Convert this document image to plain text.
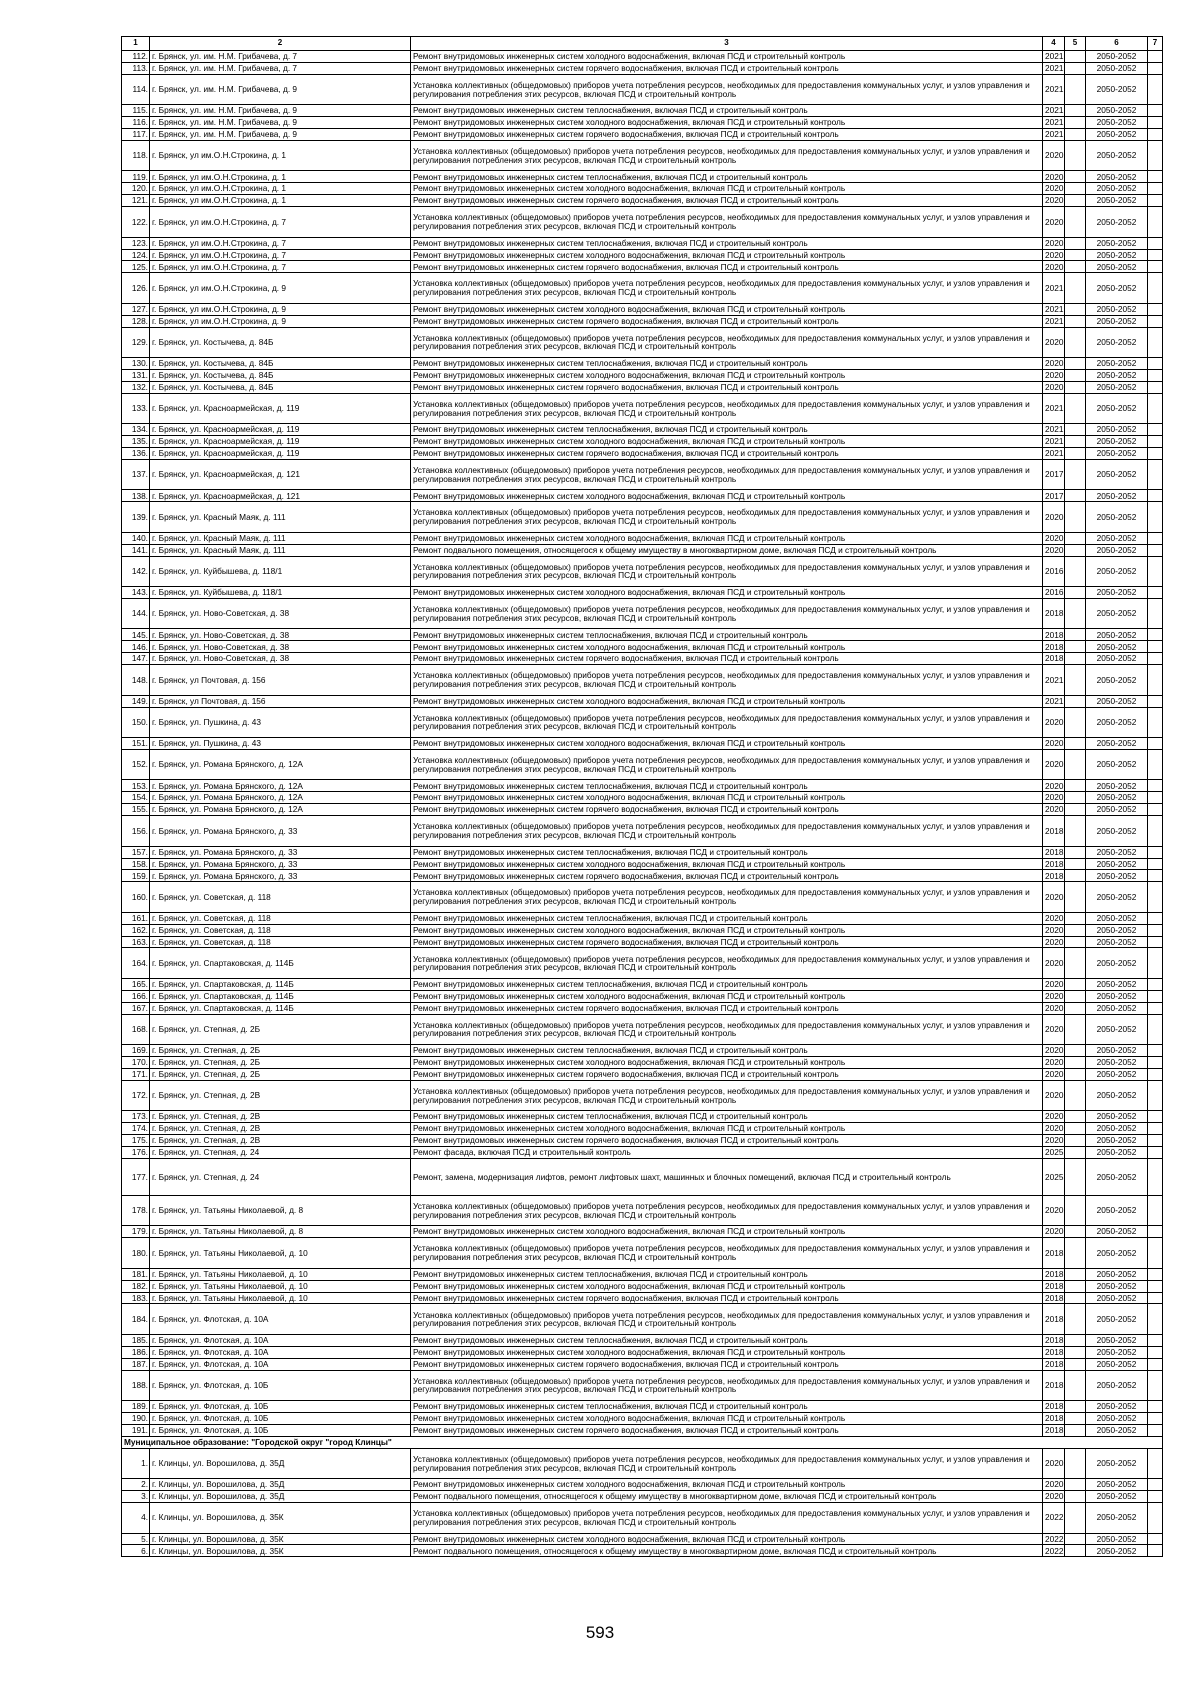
1	2	3	4	5	6	7
112.	г. Брянск, ул. им. Н.М. Грибачева, д. 7	Ремонт внутридомовых инженерных систем холодного водоснабжения, включая ПСД и строительный контроль	2021		2050-2052	
113.	г. Брянск, ул. им. Н.М. Грибачева, д. 7	Ремонт внутридомовых инженерных систем горячего водоснабжения, включая ПСД и строительный контроль	2021		2050-2052	
114.	г. Брянск, ул. им. Н.М. Грибачева, д. 9	Установка коллективных (общедомовых) приборов учета потребления ресурсов, необходимых для предоставления коммунальных услуг, и узлов управления и регулирования потребления этих ресурсов, включая ПСД и строительный контроль	2021		2050-2052	
115.	г. Брянск, ул. им. Н.М. Грибачева, д. 9	Ремонт внутридомовых инженерных систем теплоснабжения, включая ПСД и строительный контроль	2021		2050-2052	
116.	г. Брянск, ул. им. Н.М. Грибачева, д. 9	Ремонт внутридомовых инженерных систем холодного водоснабжения, включая ПСД и строительный контроль	2021		2050-2052	
117.	г. Брянск, ул. им. Н.М. Грибачева, д. 9	Ремонт внутридомовых инженерных систем горячего водоснабжения, включая ПСД и строительный контроль	2021		2050-2052	
118.	г. Брянск, ул им.О.Н.Строкина, д. 1	Установка коллективных (общедомовых) приборов учета потребления ресурсов, необходимых для предоставления коммунальных услуг, и узлов управления и регулирования потребления этих ресурсов, включая ПСД и строительный контроль	2020		2050-2052	
119.	г. Брянск, ул им.О.Н.Строкина, д. 1	Ремонт внутридомовых инженерных систем теплоснабжения, включая ПСД и строительный контроль	2020		2050-2052	
120.	г. Брянск, ул им.О.Н.Строкина, д. 1	Ремонт внутридомовых инженерных систем холодного водоснабжения, включая ПСД и строительный контроль	2020		2050-2052	
121.	г. Брянск, ул им.О.Н.Строкина, д. 1	Ремонт внутридомовых инженерных систем горячего водоснабжения, включая ПСД и строительный контроль	2020		2050-2052	
122.	г. Брянск, ул им.О.Н.Строкина, д. 7	Установка коллективных (общедомовых) приборов учета потребления ресурсов, необходимых для предоставления коммунальных услуг, и узлов управления и регулирования потребления этих ресурсов, включая ПСД и строительный контроль	2020		2050-2052	
123.	г. Брянск, ул им.О.Н.Строкина, д. 7	Ремонт внутридомовых инженерных систем теплоснабжения, включая ПСД и строительный контроль	2020		2050-2052	
124.	г. Брянск, ул им.О.Н.Строкина, д. 7	Ремонт внутридомовых инженерных систем холодного водоснабжения, включая ПСД и строительный контроль	2020		2050-2052	
125.	г. Брянск, ул им.О.Н.Строкина, д. 7	Ремонт внутридомовых инженерных систем горячего водоснабжения, включая ПСД и строительный контроль	2020		2050-2052	
126.	г. Брянск, ул им.О.Н.Строкина, д. 9	Установка коллективных (общедомовых) приборов учета потребления ресурсов, необходимых для предоставления коммунальных услуг, и узлов управления и регулирования потребления этих ресурсов, включая ПСД и строительный контроль	2021		2050-2052	
127.	г. Брянск, ул им.О.Н.Строкина, д. 9	Ремонт внутридомовых инженерных систем холодного водоснабжения, включая ПСД и строительный контроль	2021		2050-2052	
128.	г. Брянск, ул им.О.Н.Строкина, д. 9	Ремонт внутридомовых инженерных систем горячего водоснабжения, включая ПСД и строительный контроль	2021		2050-2052	
129.	г. Брянск, ул. Костычева, д. 84Б	Установка коллективных (общедомовых) приборов учета потребления ресурсов, необходимых для предоставления коммунальных услуг, и узлов управления и регулирования потребления этих ресурсов, включая ПСД и строительный контроль	2020		2050-2052	
130.	г. Брянск, ул. Костычева, д. 84Б	Ремонт внутридомовых инженерных систем теплоснабжения, включая ПСД и строительный контроль	2020		2050-2052	
131.	г. Брянск, ул. Костычева, д. 84Б	Ремонт внутридомовых инженерных систем холодного водоснабжения, включая ПСД и строительный контроль	2020		2050-2052	
132.	г. Брянск, ул. Костычева, д. 84Б	Ремонт внутридомовых инженерных систем горячего водоснабжения, включая ПСД и строительный контроль	2020		2050-2052	
133.	г. Брянск, ул. Красноармейская, д. 119	Установка коллективных (общедомовых) приборов учета потребления ресурсов, необходимых для предоставления коммунальных услуг, и узлов управления и регулирования потребления этих ресурсов, включая ПСД и строительный контроль	2021		2050-2052	
134.	г. Брянск, ул. Красноармейская, д. 119	Ремонт внутридомовых инженерных систем теплоснабжения, включая ПСД и строительный контроль	2021		2050-2052	
135.	г. Брянск, ул. Красноармейская, д. 119	Ремонт внутридомовых инженерных систем холодного водоснабжения, включая ПСД и строительный контроль	2021		2050-2052	
136.	г. Брянск, ул. Красноармейская, д. 119	Ремонт внутридомовых инженерных систем горячего водоснабжения, включая ПСД и строительный контроль	2021		2050-2052	
137.	г. Брянск, ул. Красноармейская, д. 121	Установка коллективных (общедомовых) приборов учета потребления ресурсов, необходимых для предоставления коммунальных услуг, и узлов управления и регулирования потребления этих ресурсов, включая ПСД и строительный контроль	2017		2050-2052	
138.	г. Брянск, ул. Красноармейская, д. 121	Ремонт внутридомовых инженерных систем холодного водоснабжения, включая ПСД и строительный контроль	2017		2050-2052	
139.	г. Брянск, ул. Красный Маяк, д. 111	Установка коллективных (общедомовых) приборов учета потребления ресурсов, необходимых для предоставления коммунальных услуг, и узлов управления и регулирования потребления этих ресурсов, включая ПСД и строительный контроль	2020		2050-2052	
140.	г. Брянск, ул. Красный Маяк, д. 111	Ремонт внутридомовых инженерных систем холодного водоснабжения, включая ПСД и строительный контроль	2020		2050-2052	
141.	г. Брянск, ул. Красный Маяк, д. 111	Ремонт подвального помещения, относящегося к общему имуществу в многоквартирном доме, включая ПСД и строительный контроль	2020		2050-2052	
142.	г. Брянск, ул. Куйбышева, д. 118/1	Установка коллективных (общедомовых) приборов учета потребления ресурсов, необходимых для предоставления коммунальных услуг, и узлов управления и регулирования потребления этих ресурсов, включая ПСД и строительный контроль	2016		2050-2052	
143.	г. Брянск, ул. Куйбышева, д. 118/1	Ремонт внутридомовых инженерных систем холодного водоснабжения, включая ПСД и строительный контроль	2016		2050-2052	
144.	г. Брянск, ул. Ново-Советская, д. 38	Установка коллективных (общедомовых) приборов учета потребления ресурсов, необходимых для предоставления коммунальных услуг, и узлов управления и регулирования потребления этих ресурсов, включая ПСД и строительный контроль	2018		2050-2052	
145.	г. Брянск, ул. Ново-Советская, д. 38	Ремонт внутридомовых инженерных систем теплоснабжения, включая ПСД и строительный контроль	2018		2050-2052	
146.	г. Брянск, ул. Ново-Советская, д. 38	Ремонт внутридомовых инженерных систем холодного водоснабжения, включая ПСД и строительный контроль	2018		2050-2052	
147.	г. Брянск, ул. Ново-Советская, д. 38	Ремонт внутридомовых инженерных систем горячего водоснабжения, включая ПСД и строительный контроль	2018		2050-2052	
148.	г. Брянск, ул Почтовая, д. 156	Установка коллективных (общедомовых) приборов учета потребления ресурсов, необходимых для предоставления коммунальных услуг, и узлов управления и регулирования потребления этих ресурсов, включая ПСД и строительный контроль	2021		2050-2052	
149.	г. Брянск, ул Почтовая, д. 156	Ремонт внутридомовых инженерных систем холодного водоснабжения, включая ПСД и строительный контроль	2021		2050-2052	
150.	г. Брянск, ул. Пушкина, д. 43	Установка коллективных (общедомовых) приборов учета потребления ресурсов, необходимых для предоставления коммунальных услуг, и узлов управления и регулирования потребления этих ресурсов, включая ПСД и строительный контроль	2020		2050-2052	
151.	г. Брянск, ул. Пушкина, д. 43	Ремонт внутридомовых инженерных систем холодного водоснабжения, включая ПСД и строительный контроль	2020		2050-2052	
152.	г. Брянск, ул. Романа Брянского, д. 12А	Установка коллективных (общедомовых) приборов учета потребления ресурсов, необходимых для предоставления коммунальных услуг, и узлов управления и регулирования потребления этих ресурсов, включая ПСД и строительный контроль	2020		2050-2052	
153.	г. Брянск, ул. Романа Брянского, д. 12А	Ремонт внутридомовых инженерных систем теплоснабжения, включая ПСД и строительный контроль	2020		2050-2052	
154.	г. Брянск, ул. Романа Брянского, д. 12А	Ремонт внутридомовых инженерных систем холодного водоснабжения, включая ПСД и строительный контроль	2020		2050-2052	
155.	г. Брянск, ул. Романа Брянского, д. 12А	Ремонт внутридомовых инженерных систем горячего водоснабжения, включая ПСД и строительный контроль	2020		2050-2052	
156.	г. Брянск, ул. Романа Брянского, д. 33	Установка коллективных (общедомовых) приборов учета потребления ресурсов, необходимых для предоставления коммунальных услуг, и узлов управления и регулирования потребления этих ресурсов, включая ПСД и строительный контроль	2018		2050-2052	
157.	г. Брянск, ул. Романа Брянского, д. 33	Ремонт внутридомовых инженерных систем теплоснабжения, включая ПСД и строительный контроль	2018		2050-2052	
158.	г. Брянск, ул. Романа Брянского, д. 33	Ремонт внутридомовых инженерных систем холодного водоснабжения, включая ПСД и строительный контроль	2018		2050-2052	
159.	г. Брянск, ул. Романа Брянского, д. 33	Ремонт внутридомовых инженерных систем горячего водоснабжения, включая ПСД и строительный контроль	2018		2050-2052	
160.	г. Брянск, ул. Советская, д. 118	Установка коллективных (общедомовых) приборов учета потребления ресурсов, необходимых для предоставления коммунальных услуг, и узлов управления и регулирования потребления этих ресурсов, включая ПСД и строительный контроль	2020		2050-2052	
161.	г. Брянск, ул. Советская, д. 118	Ремонт внутридомовых инженерных систем теплоснабжения, включая ПСД и строительный контроль	2020		2050-2052	
162.	г. Брянск, ул. Советская, д. 118	Ремонт внутридомовых инженерных систем холодного водоснабжения, включая ПСД и строительный контроль	2020		2050-2052	
163.	г. Брянск, ул. Советская, д. 118	Ремонт внутридомовых инженерных систем горячего водоснабжения, включая ПСД и строительный контроль	2020		2050-2052	
164.	г. Брянск, ул. Спартаковская, д. 114Б	Установка коллективных (общедомовых) приборов учета потребления ресурсов, необходимых для предоставления коммунальных услуг, и узлов управления и регулирования потребления этих ресурсов, включая ПСД и строительный контроль	2020		2050-2052	
165.	г. Брянск, ул. Спартаковская, д. 114Б	Ремонт внутридомовых инженерных систем теплоснабжения, включая ПСД и строительный контроль	2020		2050-2052	
166.	г. Брянск, ул. Спартаковская, д. 114Б	Ремонт внутридомовых инженерных систем холодного водоснабжения, включая ПСД и строительный контроль	2020		2050-2052	
167.	г. Брянск, ул. Спартаковская, д. 114Б	Ремонт внутридомовых инженерных систем горячего водоснабжения, включая ПСД и строительный контроль	2020		2050-2052	
168.	г. Брянск, ул. Степная, д. 2Б	Установка коллективных (общедомовых) приборов учета потребления ресурсов, необходимых для предоставления коммунальных услуг, и узлов управления и регулирования потребления этих ресурсов, включая ПСД и строительный контроль	2020		2050-2052	
169.	г. Брянск, ул. Степная, д. 2Б	Ремонт внутридомовых инженерных систем теплоснабжения, включая ПСД и строительный контроль	2020		2050-2052	
170.	г. Брянск, ул. Степная, д. 2Б	Ремонт внутридомовых инженерных систем холодного водоснабжения, включая ПСД и строительный контроль	2020		2050-2052	
171.	г. Брянск, ул. Степная, д. 2Б	Ремонт внутридомовых инженерных систем горячего водоснабжения, включая ПСД и строительный контроль	2020		2050-2052	
172.	г. Брянск, ул. Степная, д. 2В	Установка коллективных (общедомовых) приборов учета потребления ресурсов, необходимых для предоставления коммунальных услуг, и узлов управления и регулирования потребления этих ресурсов, включая ПСД и строительный контроль	2020		2050-2052	
173.	г. Брянск, ул. Степная, д. 2В	Ремонт внутридомовых инженерных систем теплоснабжения, включая ПСД и строительный контроль	2020		2050-2052	
174.	г. Брянск, ул. Степная, д. 2В	Ремонт внутридомовых инженерных систем холодного водоснабжения, включая ПСД и строительный контроль	2020		2050-2052	
175.	г. Брянск, ул. Степная, д. 2В	Ремонт внутридомовых инженерных систем горячего водоснабжения, включая ПСД и строительный контроль	2020		2050-2052	
176.	г. Брянск, ул. Степная, д. 24	Ремонт фасада, включая ПСД и строительный контроль	2025		2050-2052	
177.	г. Брянск, ул. Степная, д. 24	Ремонт, замена, модернизация лифтов, ремонт лифтовых шахт, машинных и блочных помещений, включая ПСД и строительный контроль	2025		2050-2052	
178.	г. Брянск, ул. Татьяны Николаевой, д. 8	Установка коллективных (общедомовых) приборов учета потребления ресурсов, необходимых для предоставления коммунальных услуг, и узлов управления и регулирования потребления этих ресурсов, включая ПСД и строительный контроль	2020		2050-2052	
179.	г. Брянск, ул. Татьяны Николаевой, д. 8	Ремонт внутридомовых инженерных систем холодного водоснабжения, включая ПСД и строительный контроль	2020		2050-2052	
180.	г. Брянск, ул. Татьяны Николаевой, д. 10	Установка коллективных (общедомовых) приборов учета потребления ресурсов, необходимых для предоставления коммунальных услуг, и узлов управления и регулирования потребления этих ресурсов, включая ПСД и строительный контроль	2018		2050-2052	
181.	г. Брянск, ул. Татьяны Николаевой, д. 10	Ремонт внутридомовых инженерных систем теплоснабжения, включая ПСД и строительный контроль	2018		2050-2052	
182.	г. Брянск, ул. Татьяны Николаевой, д. 10	Ремонт внутридомовых инженерных систем холодного водоснабжения, включая ПСД и строительный контроль	2018		2050-2052	
183.	г. Брянск, ул. Татьяны Николаевой, д. 10	Ремонт внутридомовых инженерных систем горячего водоснабжения, включая ПСД и строительный контроль	2018		2050-2052	
184.	г. Брянск, ул. Флотская, д. 10А	Установка коллективных (общедомовых) приборов учета потребления ресурсов, необходимых для предоставления коммунальных услуг, и узлов управления и регулирования потребления этих ресурсов, включая ПСД и строительный контроль	2018		2050-2052	
185.	г. Брянск, ул. Флотская, д. 10А	Ремонт внутридомовых инженерных систем теплоснабжения, включая ПСД и строительный контроль	2018		2050-2052	
186.	г. Брянск, ул. Флотская, д. 10А	Ремонт внутридомовых инженерных систем холодного водоснабжения, включая ПСД и строительный контроль	2018		2050-2052	
187.	г. Брянск, ул. Флотская, д. 10А	Ремонт внутридомовых инженерных систем горячего водоснабжения, включая ПСД и строительный контроль	2018		2050-2052	
188.	г. Брянск, ул. Флотская, д. 10Б	Установка коллективных (общедомовых) приборов учета потребления ресурсов, необходимых для предоставления коммунальных услуг, и узлов управления и регулирования потребления этих ресурсов, включая ПСД и строительный контроль	2018		2050-2052	
189.	г. Брянск, ул. Флотская, д. 10Б	Ремонт внутридомовых инженерных систем теплоснабжения, включая ПСД и строительный контроль	2018		2050-2052	
190.	г. Брянск, ул. Флотская, д. 10Б	Ремонт внутридомовых инженерных систем холодного водоснабжения, включая ПСД и строительный контроль	2018		2050-2052	
191.	г. Брянск, ул. Флотская, д. 10Б	Ремонт внутридомовых инженерных систем горячего водоснабжения, включая ПСД и строительный контроль	2018		2050-2052	
Муниципальное образование: "Городской округ "город Клинцы"						
1.	г. Клинцы, ул. Ворошилова, д. 35Д	Установка коллективных (общедомовых) приборов учета потребления ресурсов, необходимых для предоставления коммунальных услуг, и узлов управления и регулирования потребления этих ресурсов, включая ПСД и строительный контроль	2020		2050-2052	
2.	г. Клинцы, ул. Ворошилова, д. 35Д	Ремонт внутридомовых инженерных систем холодного водоснабжения, включая ПСД и строительный контроль	2020		2050-2052	
3.	г. Клинцы, ул. Ворошилова, д. 35Д	Ремонт подвального помещения, относящегося к общему имуществу в многоквартирном доме, включая ПСД и строительный контроль	2020		2050-2052	
4.	г. Клинцы, ул. Ворошилова, д. 35К	Установка коллективных (общедомовых) приборов учета потребления ресурсов, необходимых для предоставления коммунальных услуг, и узлов управления и регулирования потребления этих ресурсов, включая ПСД и строительный контроль	2022		2050-2052	
5.	г. Клинцы, ул. Ворошилова, д. 35К	Ремонт внутридомовых инженерных систем холодного водоснабжения, включая ПСД и строительный контроль	2022		2050-2052	
6.	г. Клинцы, ул. Ворошилова, д. 35К	Ремонт подвального помещения, относящегося к общему имуществу в многоквартирном доме, включая ПСД и строительный контроль	2022		2050-2052	
593
